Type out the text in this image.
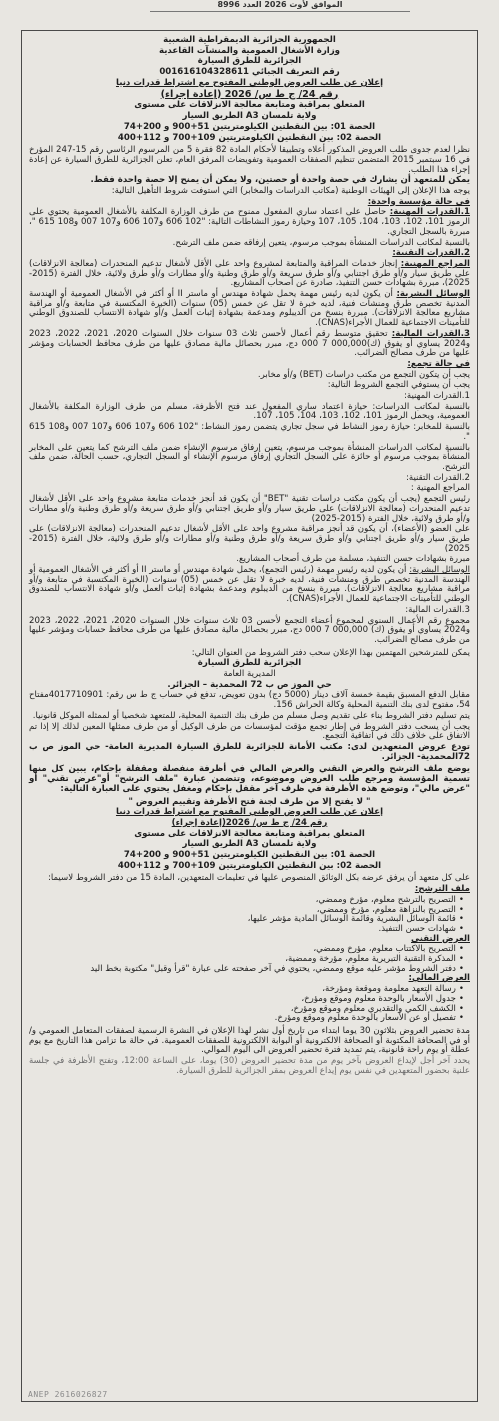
الموافق لأوت 2026 العدد 8996

الجمهورية الجزائرية الديمقراطية الشعبية

وزارة الأشغال العمومية والمنشآت القاعدية

الجزائرية للطرق السيارة

رقم التعريف الجبائي 001616104328611

إعلان عن طلب العروض الوطني المفتوح مع اشتراط قدرات دنيا

رقم 24/ ج ط س/ 2026 (إعادة إجراء)

المتعلق بمراقبة ومتابعة معالجة الانزلاقات على مستوى

ولاية تلمسان A3 الطريق السيار

الحصة 01: بين النقطتين الكيلومتريتين 51+900 و 200+74

الحصة 02: بين النقطتين الكيلومتريتين 109+700 و 112+400

نظرا لعدم جدوى طلب العروض المذكور أعلاه وتطبيقا لأحكام المادة 82 فقرة 5 من المرسوم الرئاسي رقم 15-247 المؤرخ في 16 سبتمبر 2015 المتضمن تنظيم الصفقات العمومية وتفويضات المرفق العام، تعلن الجزائرية للطرق السيارة عن إعادة إجراء هذا الطلب.

يمكن للمتعهد أن يشارك في حصة واحدة أو حصتين، ولا يمكن أن يمنح إلا حصة واحدة فقط.

يوجه هذا الإعلان إلى الهيئات الوطنية (مكاتب الدراسات والمخابر) التي استوفت شروط التأهيل التالية:

في حالة مؤسسة واحدة:

1.القدرات المهنية: حاصل على اعتماد ساري المفعول ممنوح من طرف الوزارة المكلفة بالأشغال العمومية يحتوي على الرموز 101، 102، 103، 104، 105، 107 وحيازة رموز النشاطات التالية: "102 606 و107 606 و107 007 و108 615 "، مبررة بالسجل التجاري.

بالنسبة لمكاتب الدراسات المنشأة بموجب مرسوم، يتعين إرفاقه ضمن ملف الترشح.

2.القدرات التقنية:

المراجع المهنية: إنجاز خدمات المراقبة والمتابعة لمشروع واحد على الأقل لأشغال تدعيم المنحدرات (معالجة الانزلاقات) على طريق سيار و/أو طرق اجتنابي و/أو طرق سريعة و/أو طرق وطنية و/أو مطارات و/أو طرق ولائية، خلال الفترة (2015-2025)، مبررة بشهادات حسن التنفيذ، صادرة عن أصحاب المشاريع.

الوسائل البشرية: أن يكون لديه رئيس مهمة يحمل شهادة مهندس أو ماستر II أو أكثر في الأشغال العمومية أو الهندسة المدنية تخصص طرق ومنشآت فنية، لديه خبرة لا تقل عن خمس (05) سنوات (الخبرة المكتسبة في متابعة و/أو مراقبة مشاريع معالجة الانزلاقات). مبررة بنسخ من الديبلوم ومدعمة بشهادة إثبات العمل و/أو شهادة الانتساب للصندوق الوطني للتأمينات الاجتماعية للعمال الأجراء(CNAS).

3.القدرات المالية: تحقيق متوسط رقم أعمال لأحسن ثلاث 03 سنوات خلال السنوات 2020، 2021، 2022، 2023 و2024 يساوي أو يفوق (ك)000,000 7 000 دج، مبرر بحصائل مالية مصادق عليها من طرف محافظ الحسابات ومؤشر عليها من طرف مصالح الضرائب.

في حالة تجمع:

يجب أن يتكون التجمع من مكتب دراسات (BET) و/أو مخابر.

يجب أن يستوفي التجمع الشروط التالية:

1.القدرات المهنية:

بالنسبة لمكاتب الدراسات: حيازة اعتماد ساري المفعول عند فتح الأظرفة، مسلم من طرف الوزارة المكلفة بالأشغال العمومية، ويحمل الرموز 101، 102، 103، 104، 105، 107.

بالنسبة للمخابر: حيازة رموز النشاط في سجل تجاري يتضمن رموز النشاط: "102 606 و107 606 و107 007 و108 615 ".

بالنسبة لمكاتب الدراسات المنشأة بموجب مرسوم، يتعين إرفاق مرسوم الإنشاء ضمن ملف الترشح كما يتعين على المخابر المنشأة بموجب مرسوم أو حائزة على السجل التجاري إرفاق مرسوم الإنشاء أو السجل التجاري، حسب الحالة، ضمن ملف الترشح.

2.القدرات التقنية:

المراجع المهنية :

رئيس التجمع (يجب أن يكون مكتب دراسات تقنية "BET" أن يكون قد أنجز خدمات متابعة مشروع واحد على الأقل لأشغال تدعيم المنحدرات (معالجة الانزلاقات) على طريق سيار و/أو طريق اجتنابي و/أو طرق سريعة و/أو طرق وطنية و/أو مطارات و/أو طرق ولائية، خلال الفترة (2015-2025)

على العضو (الأعضاء)، أن يكون قد أنجز مراقبة مشروع واحد على الأقل لأشغال تدعيم المنحدرات (معالجة الانزلاقات) على طريق سيار و/أو طريق اجتنابي و/أو طرق سريعة و/أو طرق وطنية و/أو مطارات و/أو طرق ولائية، خلال الفترة (2015-2025)

مبررة بشهادات حسن التنفيذ، مسلمة من طرف أصحاب المشاريع.

الوسائل البشرية: أن يكون لديه رئيس مهمة (رئيس التجمع)، يحمل شهادة مهندس أو ماستر II أو أكثر في الأشغال العمومية أو الهندسة المدنية تخصص طرق ومنشآت فنية، لديه خبرة لا تقل عن خمس (05) سنوات (الخبرة المكتسبة في متابعة و/أو مراقبة مشاريع معالجة الانزلاقات). مبررة بنسخ من الديبلوم ومدعمة بشهادة إثبات العمل و/أو شهادة الانتساب للصندوق الوطني للتأمينات الاجتماعية للعمال الأجراء(CNAS).

3.القدرات المالية:

مجموع رقم الأعمال السنوي لمجموع أعضاء التجمع لأحسن 03 ثلاث سنوات خلال السنوات 2020، 2021، 2022، 2023 و2024 يساوي أو يفوق (ك) 000,000 7 000 دج، مبرر بحصائل مالية مصادق عليها من طرف محافظ حسابات ومؤشر عليها من طرف مصالح الضرائب.

يمكن للمترشحين المهتمين بهذا الإعلان سحب دفتر الشروط من العنوان التالي:

الجزائرية للطرق السيارة

المديرية العامة

حي الموز ص ب 72 المحمدية – الجزائر.

مقابل الدفع المسبق بقيمة خمسة آلاف دينار (5000 دج) بدون تعويض، تدفع في حساب ج ط س رقم: 4017710901مفتاح 54، مفتوح لدى بنك التنمية المحلية وكالة الحراش 156.

يتم تسليم دفتر الشروط بناء على تقديم وصل مسلم من طرف بنك التنمية المحلية، للمتعهد شخصيا أو لممثله الموكل قانونيا.

يجب أن يسحب دفتر الشروط في إطار تجمع مؤقت لمؤسسات من طرف الوكيل أو من طرف ممثلها المعين لذلك إلا إذا تم الاتفاق على خلاف ذلك في اتفاقية التجمع.

تودع عروض المتعهدين لدى: مكتب الأمانة للجزائرية للطرق السيارة المديرية العامة- حي الموز ص ب 72المحمدية- الجزائر.

يوضع ملف الترشح والعرض التقني والعرض المالي في أظرفة منفصلة ومقفلة بإحكام، يبين كل منها تسمية المؤسسة ومرجع طلب العروض وموضوعه، وتتضمن عبارة "ملف الترشح" أو"عرض تقني" أو "عرض مالي"، وتوضع هذه الأظرفة في ظرف آخر مقفل بإحكام ومغفل يحتوي على العبارة التالية:

" لا يفتح إلا من طرف لجنة فتح الأظرفة وتقييم العروض "

إعلان عن طلب العروض الوطني المفتوح مع اشتراط قدرات دنيا

رقم 24/ ج ط س/ 2026(إعادة إجراء)

المتعلق بمراقبة ومتابعة معالجة الانزلاقات على مستوى

ولاية تلمسان A3 الطريق السيار

الحصة 01: بين النقطتين الكيلومتريتين 51+900 و 200+74

الحصة 02: بين النقطتين الكيلومتريتين 109+700 و 112+400

على كل متعهد أن يرفق عرضه بكل الوثائق المنصوص عليها في تعليمات المتعهدين، المادة 15 من دفتر الشروط لاسيما:

ملف الترشح:

• التصريح بالترشح معلوم، مؤرخ وممضي،
• التصريح بالنزاهة معلوم، مؤرخ وممضي،
• قائمة الوسائل البشرية وقائمة الوسائل المادية مؤشر عليها،
• شهادات حسن التنفيذ.

العرض التقني

• التصريح بالاكتتاب معلوم، مؤرخ وممضي،
• المذكرة التقنية التبريرية معلوم، مؤرخة وممضية،
• دفتر الشروط مؤشر عليه موقع وممضي، يحتوي في آخر صفحته على عبارة "قرأ وقبل" مكتوبة بخط اليد

العرض المالي:

• رسالة التعهد معلومة وموقعة ومؤرخة،
• جدول الأسعار بالوحدة معلوم وموقع ومؤرخ،
• الكشف الكمي والتقديري معلوم وموقع ومؤرخ،
• تفصيل أو عن الأسعار بالوحدة معلوم وموقع ومؤرخ.

مدة تحضير العروض بثلاثون 30 يوما ابتداء من تاريخ أول نشر لهذا الإعلان في النشرة الرسمية لصفقات المتعامل العمومي و/ أو في الصحافة المكتوبة أو الصحافة الالكترونية أو البوابة الالكترونية للصفقات العمومية. في حالة ما تزامن هذا التاريخ مع يوم عطلة أو يوم راحة قانونية، يتم تمديد فترة تحضير العروض الى اليوم الموالي.

يحدد آخر أجل لإيداع العروض بآخر يوم من مدة تحضير العروض (30) يوما، على الساعة 12:00، وتفتح الأظرفة في جلسة علنية بحضور المتعهدين في نفس يوم إيداع العروض بمقر الجزائرية للطرق السيارة.

ANEP 2616026827
